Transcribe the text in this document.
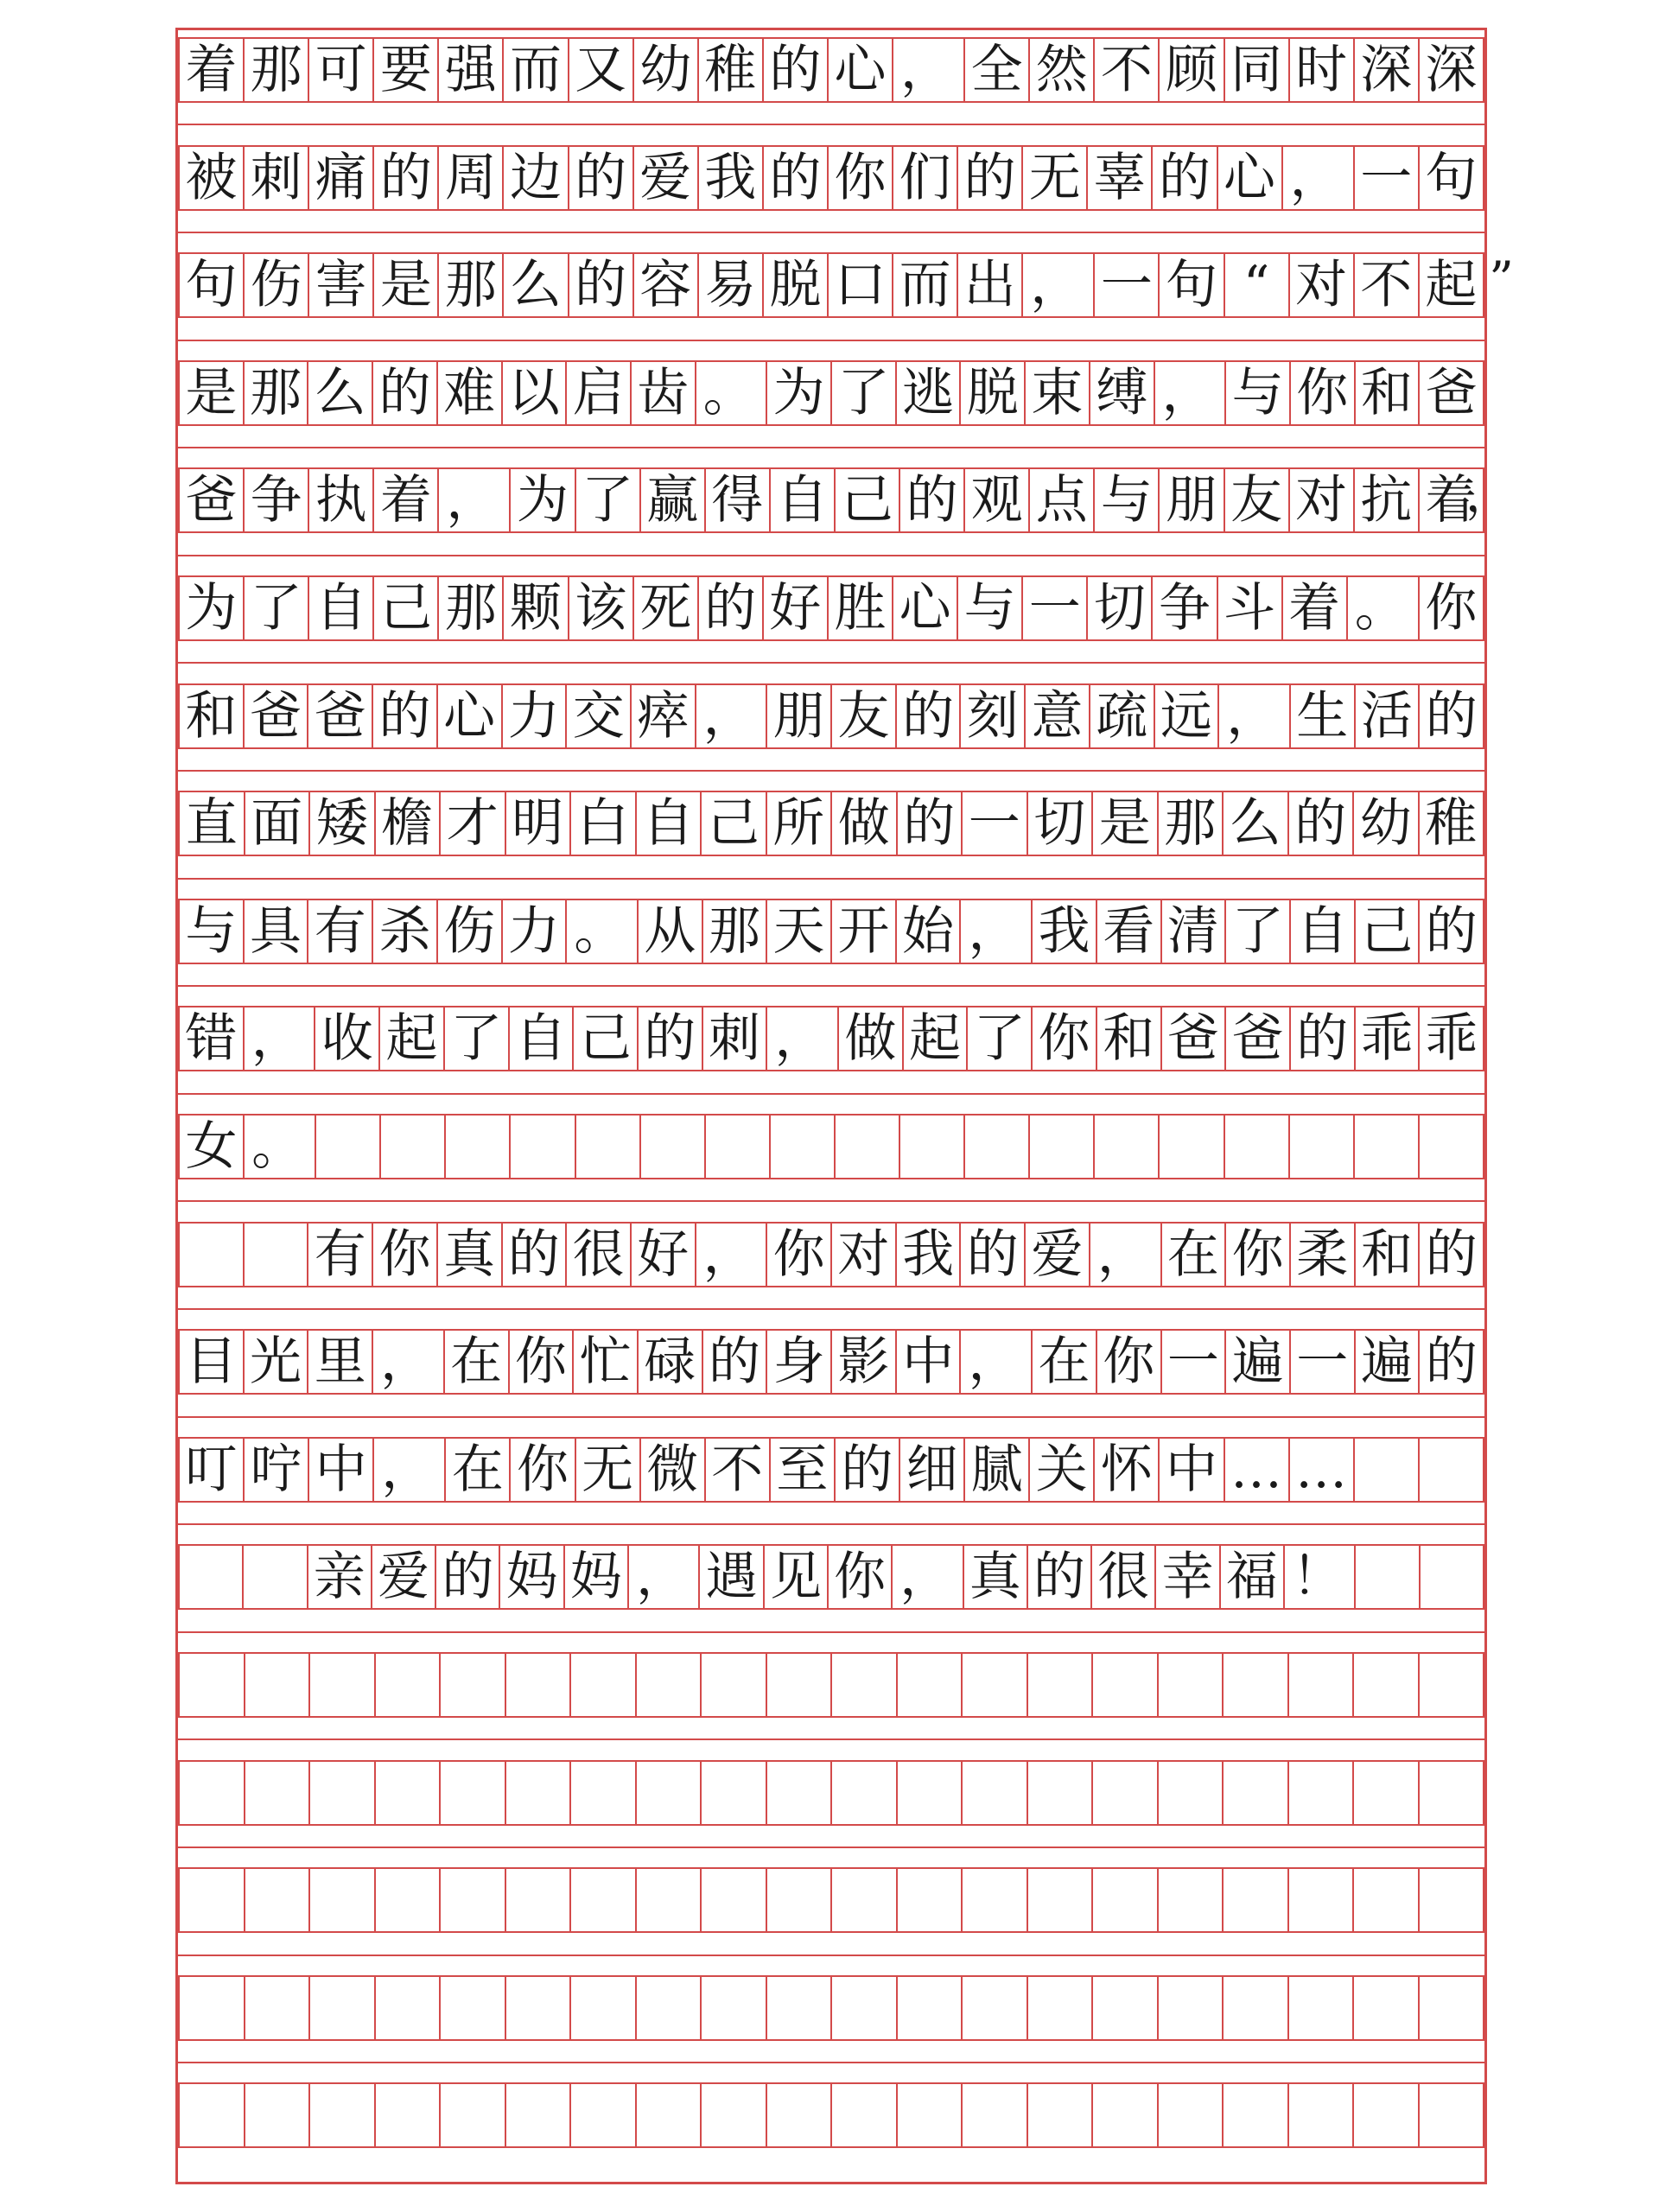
着 那 可 要 强 而 又 幼 稚 的 心 ， 全 然 不 顾 同 时 深 深
被 刺 痛 的 周 边 的 爱 我 的 你 们 的 无 辜 的 心 ， 一 句
句 伤 害 是 那 么 的 容 易 脱 口 而 出 ， 一 句 “ 对 不 起 ”
是 那 么 的 难 以 启 齿 。 为 了 逃 脱 束 缚 ， 与 你 和 爸
爸 争 执 着 ， 为 了 赢 得 自 己 的 观 点 与 朋 友 对 抗 着
，
为 了 自 己 那 颗 该 死 的 好 胜 心 与 一 切 争 斗 着 。 你
和 爸 爸 的 心 力 交 瘁 ， 朋 友 的 刻 意 疏 远 ， 生 活 的
直 面 矮 檐 才 明 白 自 己 所 做 的 一 切 是 那 么 的 幼 稚
与 具 有 杀 伤 力 。 从 那 天 开 始 ， 我 看 清 了 自 己 的
错 ， 收 起 了 自 己 的 刺 ， 做 起 了 你 和 爸 爸 的 乖 乖
女 。
有 你 真 的 很 好 ， 你 对 我 的 爱 ， 在 你 柔 和 的
目 光 里 ， 在 你 忙 碌 的 身 影 中 ， 在 你 一 遍 一 遍 的
叮 咛 中 ， 在 你 无 微 不 至 的 细 腻 关 怀 中 … …
亲 爱 的 妈 妈 ， 遇 见 你 ， 真 的 很 幸 福 ！
